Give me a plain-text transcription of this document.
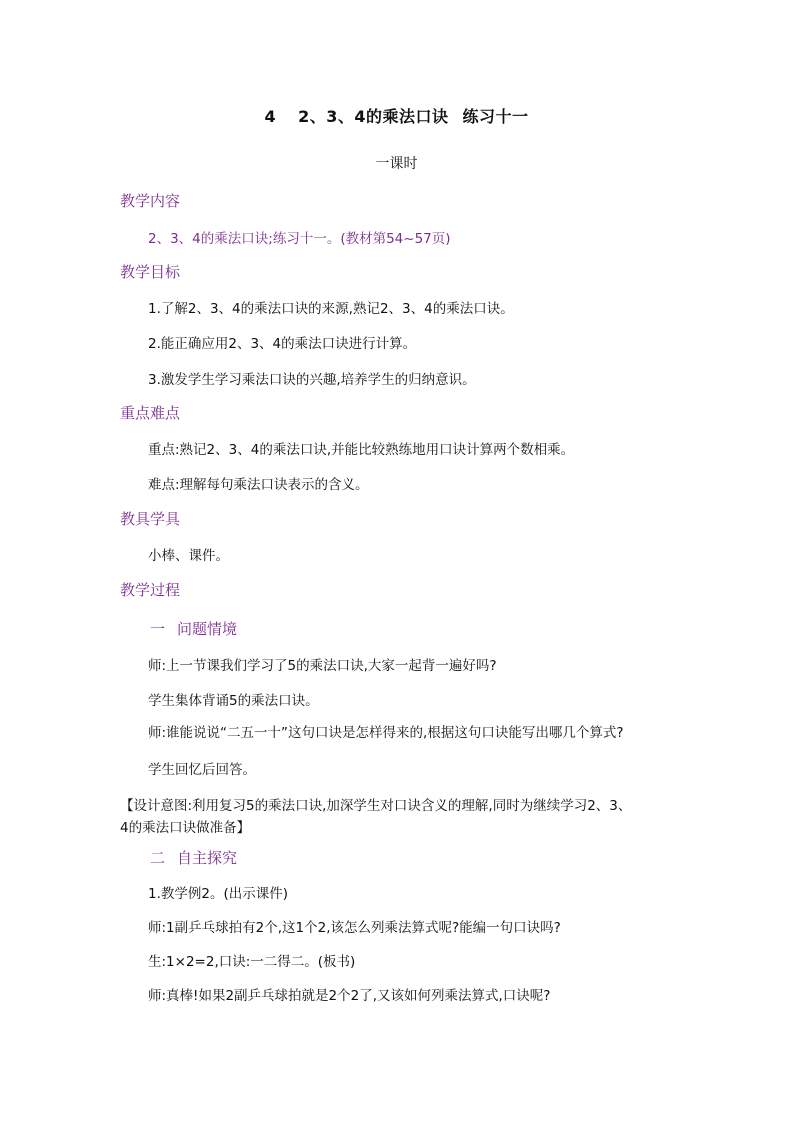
4 2、3、4的乘法口诀 练习十一
一课时
教学内容
2、3、4的乘法口诀;练习十一。(教材第54~57页)
教学目标
1.了解2、3、4的乘法口诀的来源,熟记2、3、4的乘法口诀。
2.能正确应用2、3、4的乘法口诀进行计算。
3.激发学生学习乘法口诀的兴趣,培养学生的归纳意识。
重点难点
重点:熟记2、3、4的乘法口诀,并能比较熟练地用口诀计算两个数相乘。
难点:理解每句乘法口诀表示的含义。
教具学具
小棒、课件。
教学过程
一 问题情境
师:上一节课我们学习了5的乘法口诀,大家一起背一遍好吗?
学生集体背诵5的乘法口诀。
师:谁能说说“二五一十”这句口诀是怎样得来的,根据这句口诀能写出哪几个算式?
学生回忆后回答。
【设计意图:利用复习5的乘法口诀,加深学生对口诀含义的理解,同时为继续学习2、3、
4的乘法口诀做准备】
二 自主探究
1.教学例2。(出示课件)
师:1副乒乓球拍有2个,这1个2,该怎么列乘法算式呢?能编一句口诀吗?
生:1×2=2,口诀:一二得二。(板书)
师:真棒!如果2副乒乓球拍就是2个2了,又该如何列乘法算式,口诀呢?
